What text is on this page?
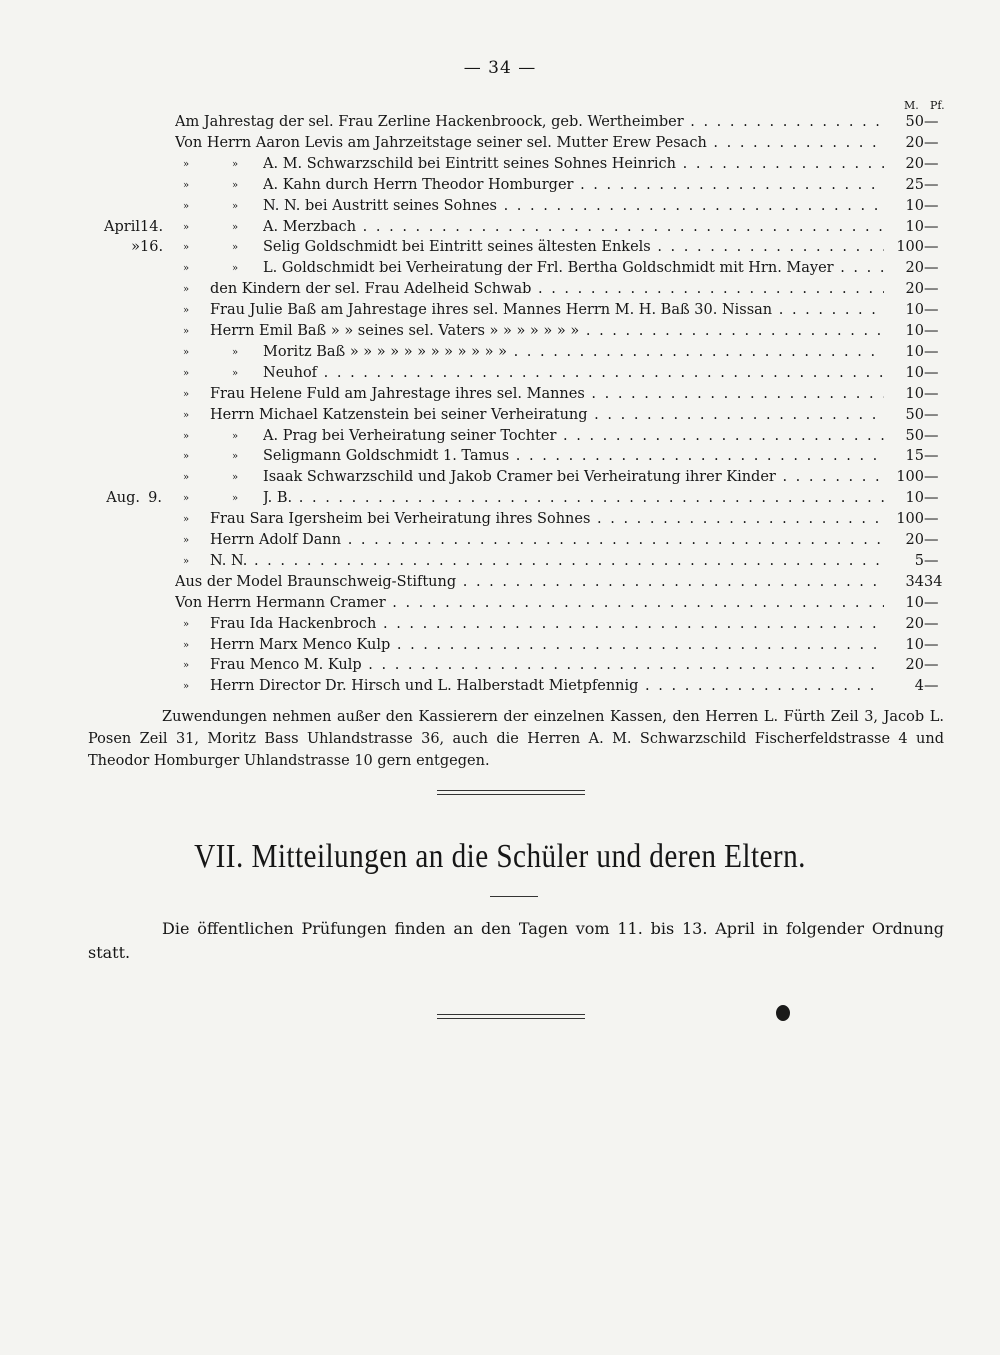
— 34 —
M. Pf.
Am Jahrestag der sel. Frau Zerline Hackenbroock, geb. Wertheimber . . .	50 —
Von Herrn Aaron Levis am Jahrzeitstage seiner sel. Mutter Erew Pesach . . .	20 —
»	» A. M. Schwarzschild bei Eintritt seines Sohnes Heinrich . . .	20 —
»	» A. Kahn durch Herrn Theodor Homburger . . .	25 —
»	» N. N. bei Austritt seines Sohnes . . .	10 —
April 14. »	» A. Merzbach . . .	10 —
» 16. »	» Selig Goldschmidt bei Eintritt seines ältesten Enkels . . .	100 —
»	» L. Goldschmidt bei Verheiratung der Frl. Bertha Goldschmidt mit Hrn. Mayer . . .	20 —
» den Kindern der sel. Frau Adelheid Schwab . . .	20 —
» Frau Julie Baß am Jahrestage ihres sel. Mannes Herrn M. H. Baß 30. Nissan . . .	10 —
» Herrn Emil Baß » » seines sel. Vaters » » » » » » » . . .	10 —
»	» Moritz Baß » » » » » » » » » » » » . . .	10 —
»	» Neuhof . . .	10 —
» Frau Helene Fuld am Jahrestage ihres sel. Mannes . . .	10 —
» Herrn Michael Katzenstein bei seiner Verheiratung . . .	50 —
»	» A. Prag bei Verheiratung seiner Tochter . . .	50 —
»	» Seligmann Goldschmidt 1. Tamus . . .	15 —
»	» Isaak Schwarzschild und Jakob Cramer bei Verheiratung ihrer Kinder . . .	100 —
Aug. 9. »	» J. B. . . .	10 —
» Frau Sara Igersheim bei Verheiratung ihres Sohnes . . .	100 —
» Herrn Adolf Dann . . .	20 —
» N. N. . . .	5 —
Aus der Model Braunschweig-Stiftung . . .	34 34
Von Herrn Hermann Cramer . . .	10 —
» Frau Ida Hackenbroch . . .	20 —
» Herrn Marx Menco Kulp . . .	10 —
» Frau Menco M. Kulp . . .	20 —
» Herrn Director Dr. Hirsch und L. Halberstadt Mietpfennig . . .	4 —
Zuwendungen nehmen außer den Kassierern der einzelnen Kassen, den Herren L. Fürth Zeil 3, Jacob L. Posen Zeil 31, Moritz Bass Uhlandstrasse 36, auch die Herren A. M. Schwarzschild Fischerfeldstrasse 4 und Theodor Homburger Uhlandstrasse 10 gern entgegen.
VII. Mitteilungen an die Schüler und deren Eltern.
Die öffentlichen Prüfungen finden an den Tagen vom 11. bis 13. April in folgender Ordnung statt.
